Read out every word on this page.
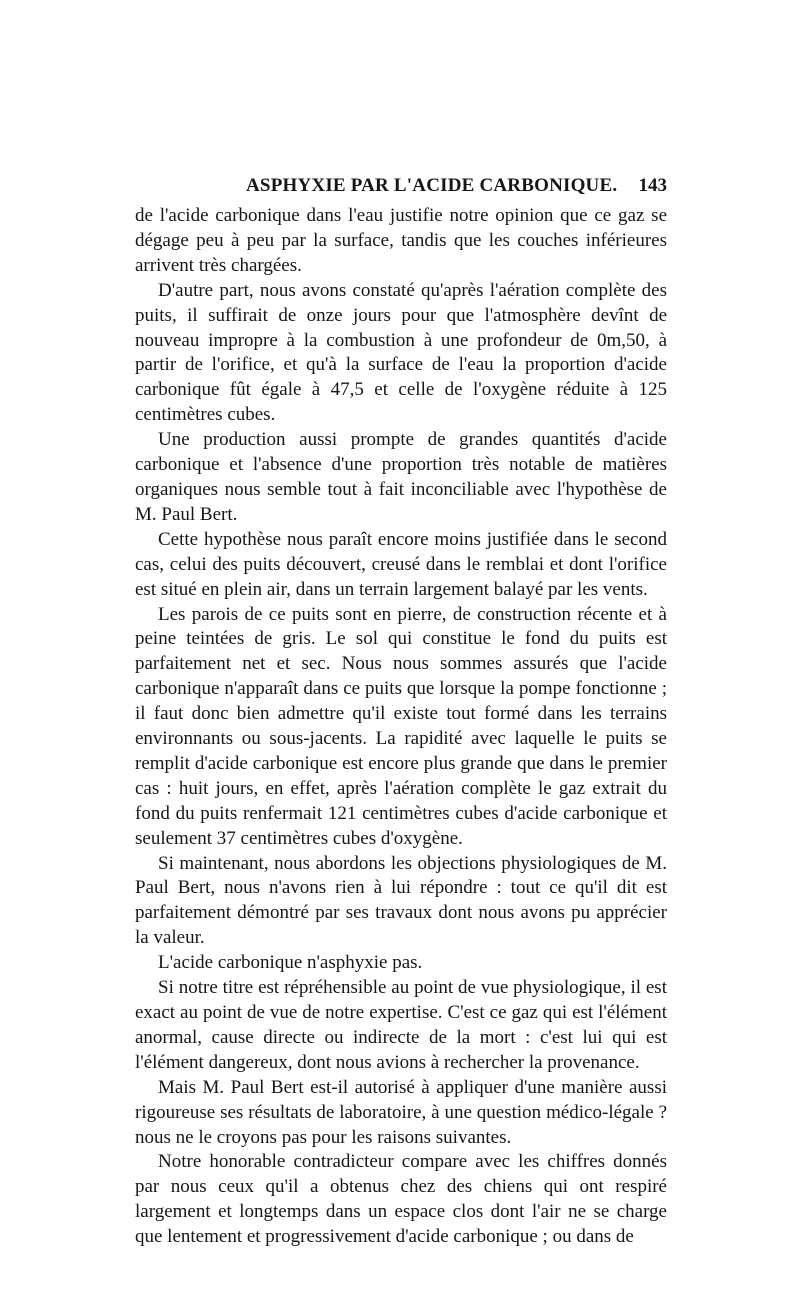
ASPHYXIE PAR L'ACIDE CARBONIQUE. 143

de l'acide carbonique dans l'eau justifie notre opinion que ce gaz se dégage peu à peu par la surface, tandis que les couches inférieures arrivent très chargées.

D'autre part, nous avons constaté qu'après l'aération complète des puits, il suffirait de onze jours pour que l'atmosphère devînt de nouveau impropre à la combustion à une profondeur de 0m,50, à partir de l'orifice, et qu'à la surface de l'eau la proportion d'acide carbonique fût égale à 47,5 et celle de l'oxygène réduite à 125 centimètres cubes.

Une production aussi prompte de grandes quantités d'acide carbonique et l'absence d'une proportion très notable de matières organiques nous semble tout à fait inconciliable avec l'hypothèse de M. Paul Bert.

Cette hypothèse nous paraît encore moins justifiée dans le second cas, celui des puits découvert, creusé dans le remblai et dont l'orifice est situé en plein air, dans un terrain largement balayé par les vents.

Les parois de ce puits sont en pierre, de construction récente et à peine teintées de gris. Le sol qui constitue le fond du puits est parfaitement net et sec. Nous nous sommes assurés que l'acide carbonique n'apparaît dans ce puits que lorsque la pompe fonctionne ; il faut donc bien admettre qu'il existe tout formé dans les terrains environnants ou sous-jacents. La rapidité avec laquelle le puits se remplit d'acide carbonique est encore plus grande que dans le premier cas : huit jours, en effet, après l'aération complète le gaz extrait du fond du puits renfermait 121 centimètres cubes d'acide carbonique et seulement 37 centimètres cubes d'oxygène.

Si maintenant, nous abordons les objections physiologiques de M. Paul Bert, nous n'avons rien à lui répondre : tout ce qu'il dit est parfaitement démontré par ses travaux dont nous avons pu apprécier la valeur.

L'acide carbonique n'asphyxie pas.

Si notre titre est répréhensible au point de vue physiologique, il est exact au point de vue de notre expertise. C'est ce gaz qui est l'élément anormal, cause directe ou indirecte de la mort : c'est lui qui est l'élément dangereux, dont nous avions à rechercher la provenance.

Mais M. Paul Bert est-il autorisé à appliquer d'une manière aussi rigoureuse ses résultats de laboratoire, à une question médico-légale ? nous ne le croyons pas pour les raisons suivantes.

Notre honorable contradicteur compare avec les chiffres donnés par nous ceux qu'il a obtenus chez des chiens qui ont respiré largement et longtemps dans un espace clos dont l'air ne se charge que lentement et progressivement d'acide carbonique ; ou dans de
